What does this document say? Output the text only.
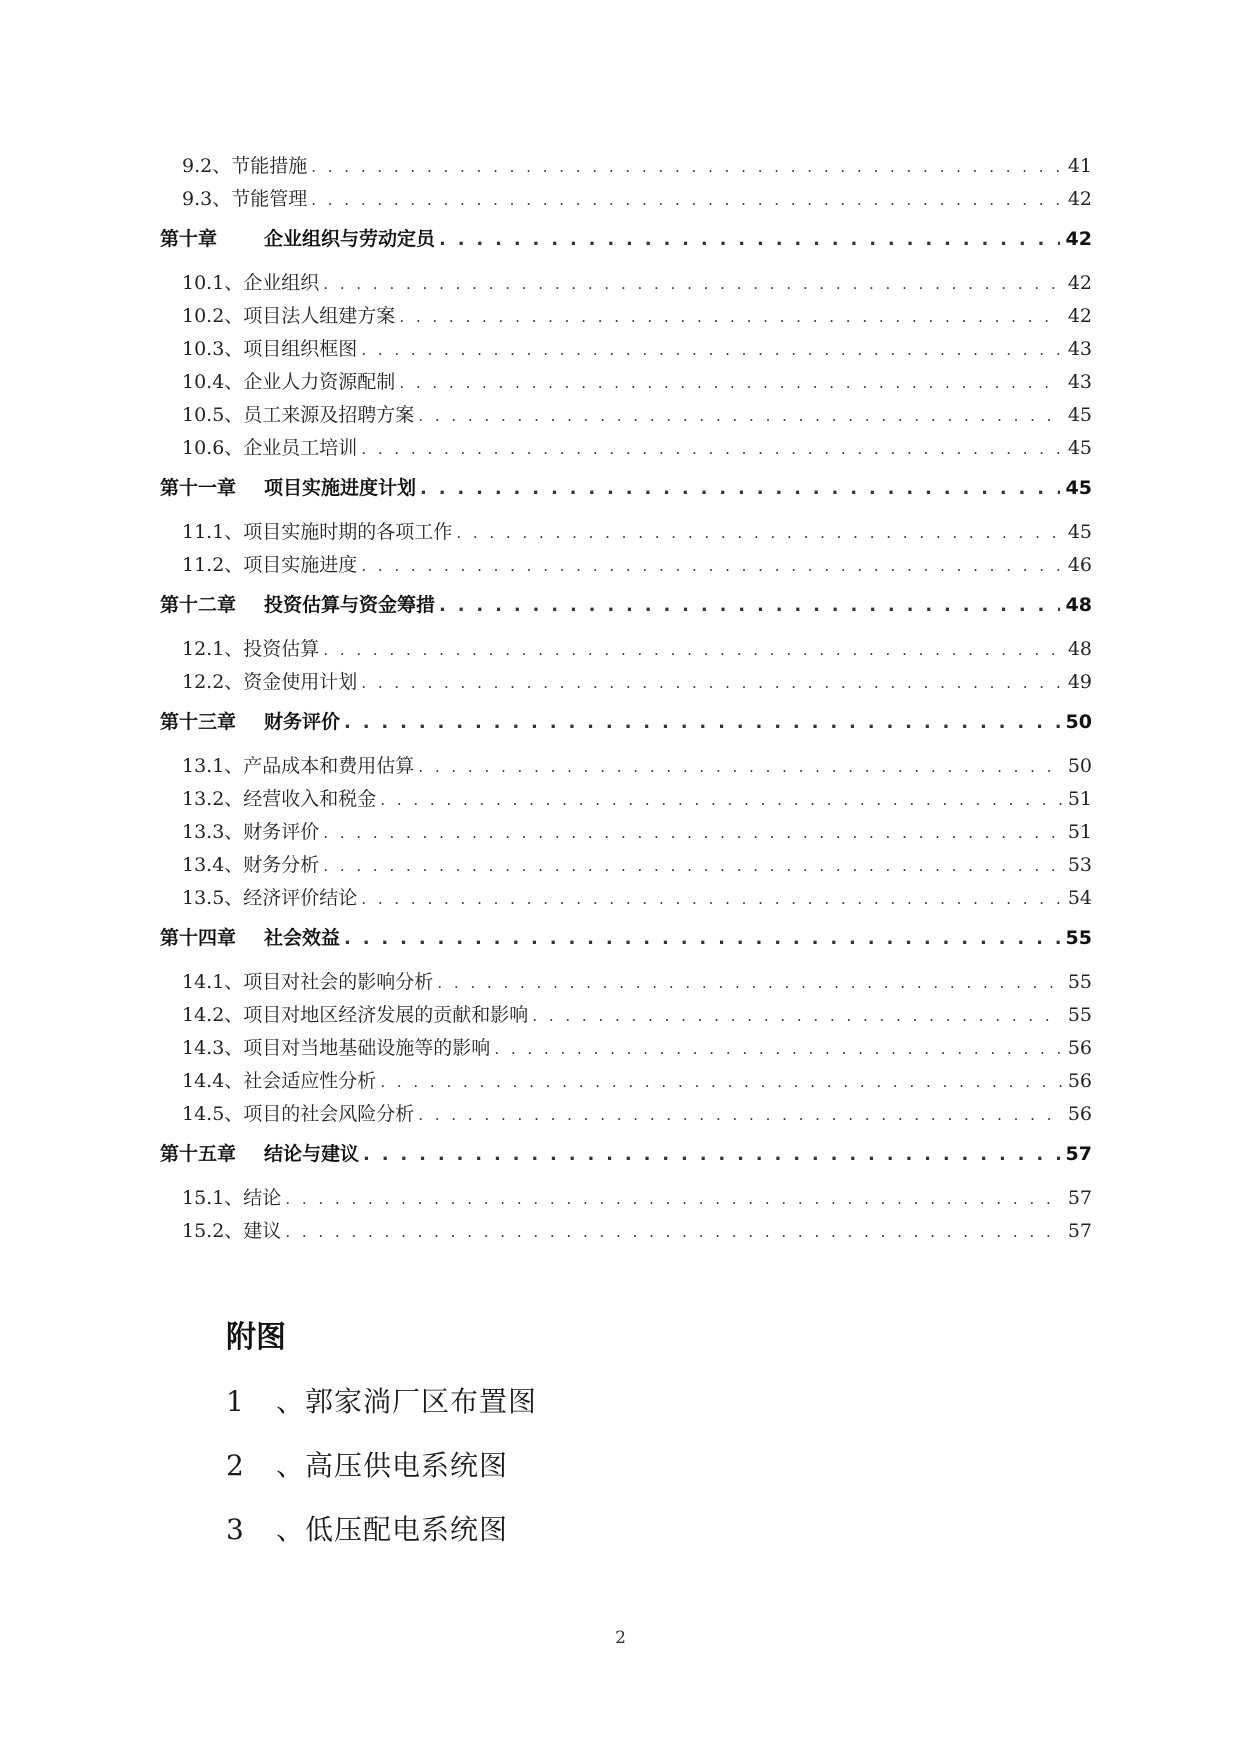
9.2、节能措施 . . .	41
9.3、节能管理 . . .	42
第十章 企业组织与劳动定员 . . .	42
10.1、企业组织 . . .	42
10.2、项目法人组建方案 . . .	42
10.3、项目组织框图 . . .	43
10.4、企业人力资源配制 . . .	43
10.5、员工来源及招聘方案 . . .	45
10.6、企业员工培训 . . .	45
第十一章 项目实施进度计划 . . .	45
11.1、项目实施时期的各项工作 . . .	45
11.2、项目实施进度 . . .	46
第十二章 投资估算与资金筹措 . . .	48
12.1、投资估算 . . .	48
12.2、资金使用计划 . . .	49
第十三章 财务评价 . . .	50
13.1、产品成本和费用估算 . . .	50
13.2、经营收入和税金 . . .	51
13.3、财务评价 . . .	51
13.4、财务分析 . . .	53
13.5、经济评价结论 . . .	54
第十四章 社会效益 . . .	55
14.1、项目对社会的影响分析 . . .	55
14.2、项目对地区经济发展的贡献和影响 . . .	55
14.3、项目对当地基础设施等的影响 . . .	56
14.4、社会适应性分析 . . .	56
14.5、项目的社会风险分析 . . .	56
第十五章 结论与建议 . . .	57
15.1、结论 . . .	57
15.2、建议 . . .	57
附图
1 、郭家淌厂区布置图
2 、高压供电系统图
3 、低压配电系统图
2
